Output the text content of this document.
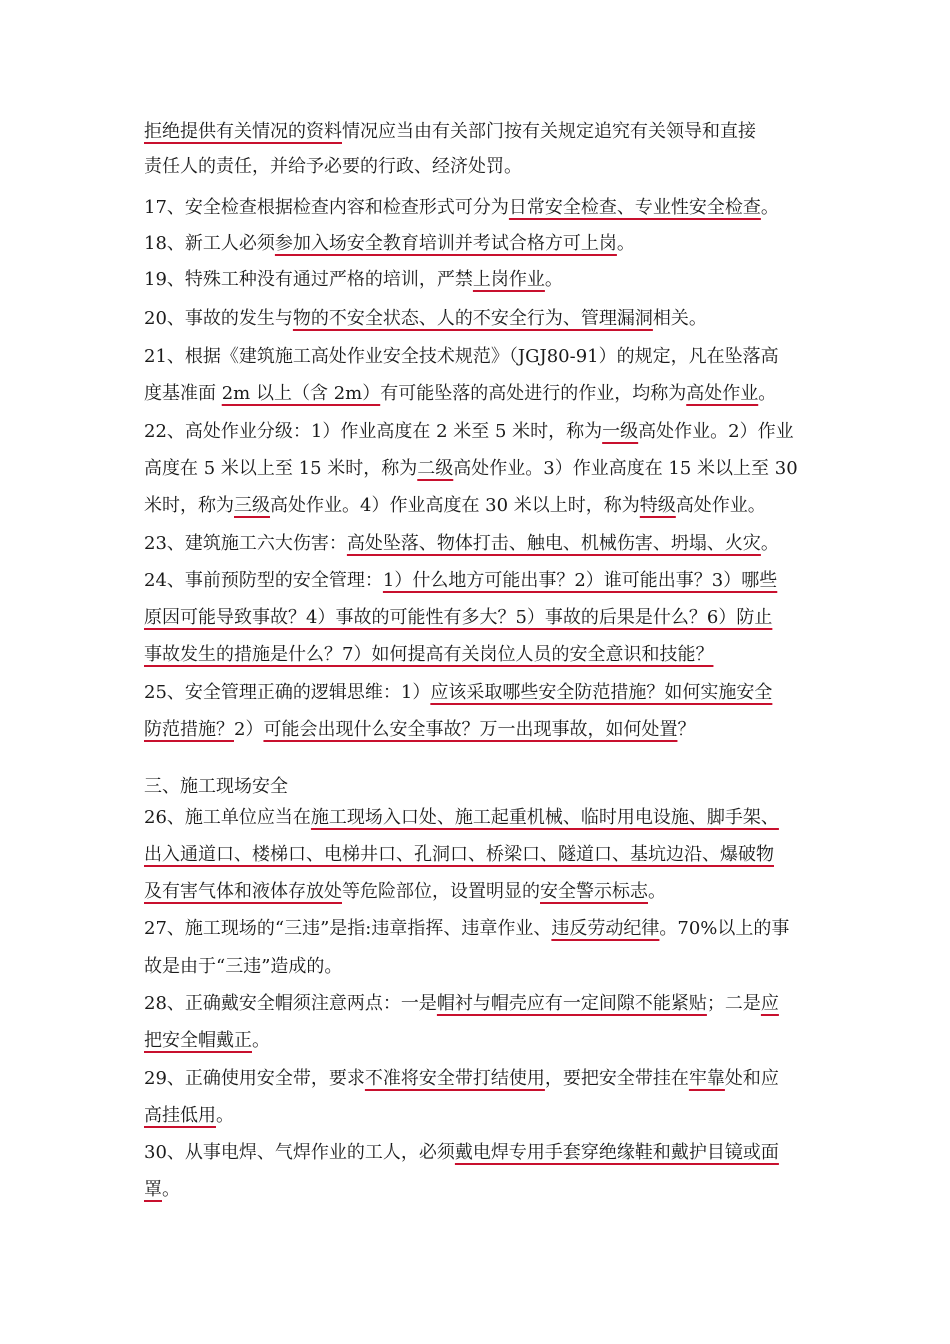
拒绝提供有关情况的资料情况应当由有关部门按有关规定追究有关领导和直接
责任人的责任，并给予必要的行政、经济处罚。
17、安全检查根据检查内容和检查形式可分为日常安全检查、专业性安全检查。
18、新工人必须参加入场安全教育培训并考试合格方可上岗。
19、特殊工种没有通过严格的培训，严禁上岗作业。
20、事故的发生与物的不安全状态、人的不安全行为、管理漏洞相关。
21、根据《建筑施工高处作业安全技术规范》（JGJ80-91）的规定，凡在坠落高
度基准面 2m 以上（含 2m）有可能坠落的高处进行的作业，均称为高处作业。
22、高处作业分级：1）作业高度在 2 米至 5 米时，称为一级高处作业。2）作业
高度在 5 米以上至 15 米时，称为二级高处作业。3）作业高度在 15 米以上至 30
米时，称为三级高处作业。4）作业高度在 30 米以上时，称为特级高处作业。
23、建筑施工六大伤害：高处坠落、物体打击、触电、机械伤害、坍塌、火灾。
24、事前预防型的安全管理：1）什么地方可能出事？2）谁可能出事？3）哪些
原因可能导致事故？4）事故的可能性有多大？5）事故的后果是什么？6）防止
事故发生的措施是什么？7）如何提高有关岗位人员的安全意识和技能？
25、安全管理正确的逻辑思维：1）应该采取哪些安全防范措施？如何实施安全
防范措施？2）可能会出现什么安全事故？万一出现事故，如何处置？
三、施工现场安全
26、施工单位应当在施工现场入口处、施工起重机械、临时用电设施、脚手架、
出入通道口、楼梯口、电梯井口、孔洞口、桥梁口、隧道口、基坑边沿、爆破物
及有害气体和液体存放处等危险部位，设置明显的安全警示标志。
27、施工现场的“三违”是指:违章指挥、违章作业、违反劳动纪律。70%以上的事
故是由于“三违”造成的。
28、正确戴安全帽须注意两点：一是帽衬与帽壳应有一定间隙不能紧贴；二是应
把安全帽戴正。
29、正确使用安全带，要求不准将安全带打结使用，要把安全带挂在牢靠处和应
高挂低用。
30、从事电焊、气焊作业的工人，必须戴电焊专用手套穿绝缘鞋和戴护目镜或面
罩。
